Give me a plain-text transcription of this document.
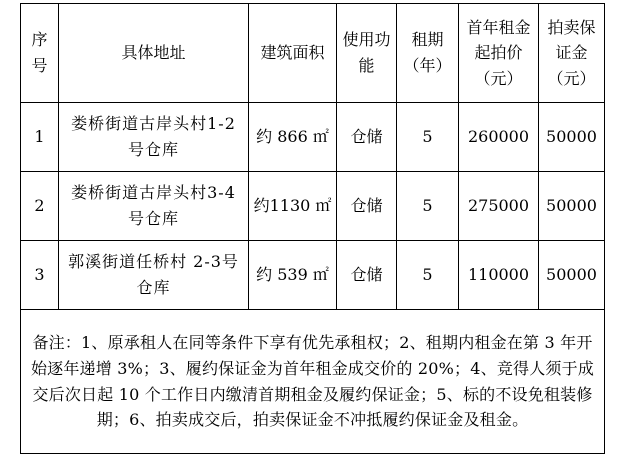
序号	具体地址	建筑面积	使用功能	租期（年）	首年租金起拍价（元）	拍卖保证金（元）
1	娄桥街道古岸头村1-2号仓库	约 866 ㎡	仓储	5	260000	50000
2	娄桥街道古岸头村3-4号仓库	约1130 ㎡	仓储	5	275000	50000
3	郭溪街道任桥村 2-3号仓库	约 539 ㎡	仓储	5	110000	50000
备注：1、原承租人在同等条件下享有优先承租权；2、租期内租金在第 3 年开始逐年递增 3%；3、履约保证金为首年租金成交价的 20%；4、竞得人须于成交后次日起 10 个工作日内缴清首期租金及履约保证金；5、标的不设免租装修期；6、拍卖成交后，拍卖保证金不冲抵履约保证金及租金。						
